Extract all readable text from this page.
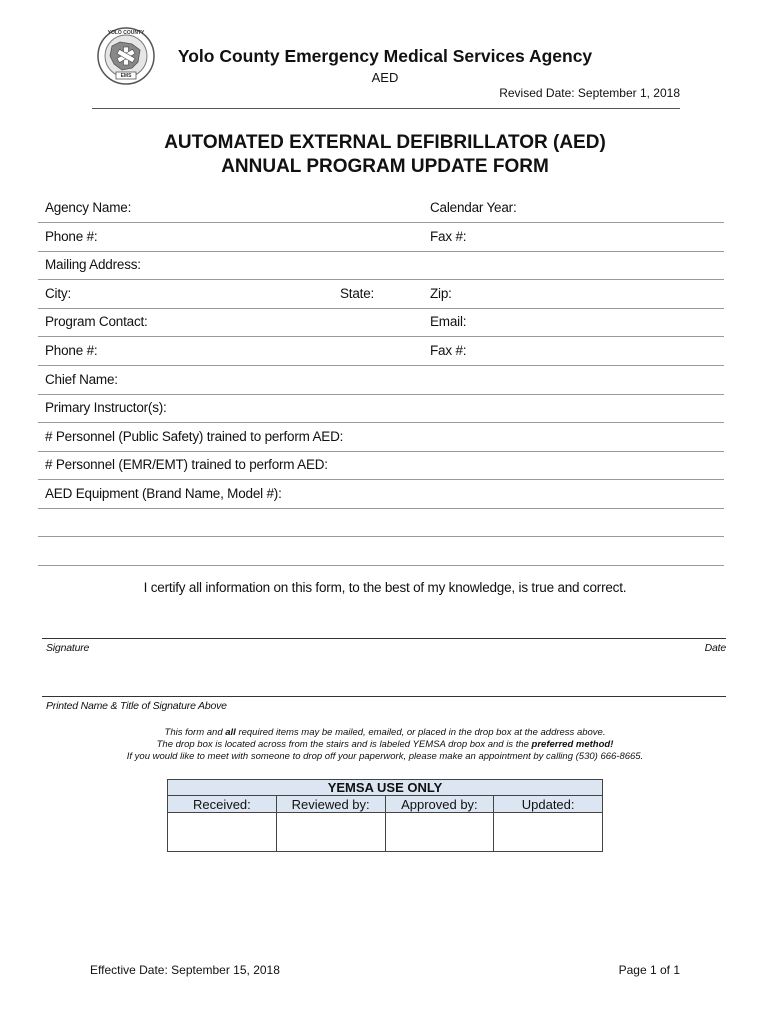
YOLO COUNTY
EMS
Yolo County Emergency Medical Services Agency
AED
Revised Date: September 1, 2018
AUTOMATED EXTERNAL DEFIBRILLATOR (AED)
ANNUAL PROGRAM UPDATE FORM
Agency Name:	Calendar Year:
Phone #:	Fax #:
Mailing Address:
City:	State:	Zip:
Program Contact:	Email:
Phone #:	Fax #:
Chief Name:
Primary Instructor(s):
# Personnel (Public Safety) trained to perform AED:
# Personnel (EMR/EMT) trained to perform AED:
AED Equipment (Brand Name, Model #):
I certify all information on this form, to the best of my knowledge, is true and correct.
Signature	Date
Printed Name & Title of Signature Above
This form and all required items may be mailed, emailed, or placed in the drop box at the address above.
The drop box is located across from the stairs and is labeled YEMSA drop box and is the preferred method!
If you would like to meet with someone to drop off your paperwork, please make an appointment by calling (530) 666-8665.
YEMSA USE ONLY			
Received:	Reviewed by:	Approved by:	Updated:

Effective Date: September 15, 2018	Page 1 of 1
